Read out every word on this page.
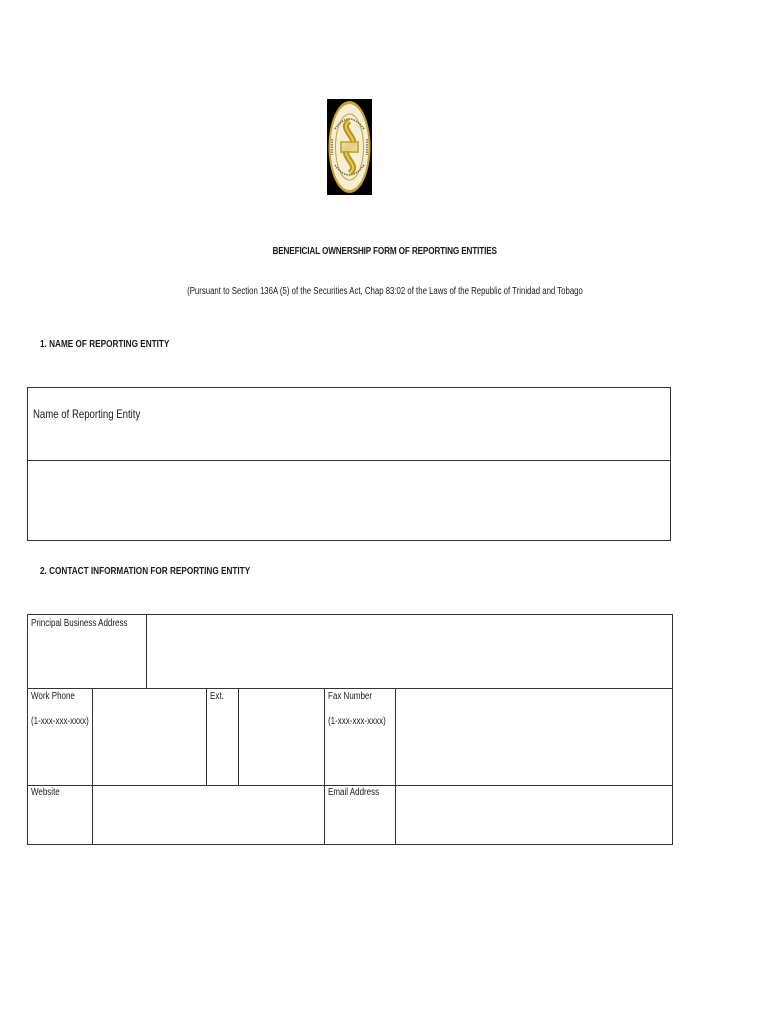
BENEFICIAL OWNERSHIP FORM OF REPORTING ENTITIES
(Pursuant to Section 136A (5) of the Securities Act, Chap 83:02 of the Laws of the Republic of Trinidad and Tobago
1. NAME OF REPORTING ENTITY
Name of Reporting Entity
2. CONTACT INFORMATION FOR REPORTING ENTITY
Principal Business Address
Work Phone
(1-xxx-xxx-xxxx)
Ext.	Fax Number
(1-xxx-xxx-xxxx)
Website	Email Address
